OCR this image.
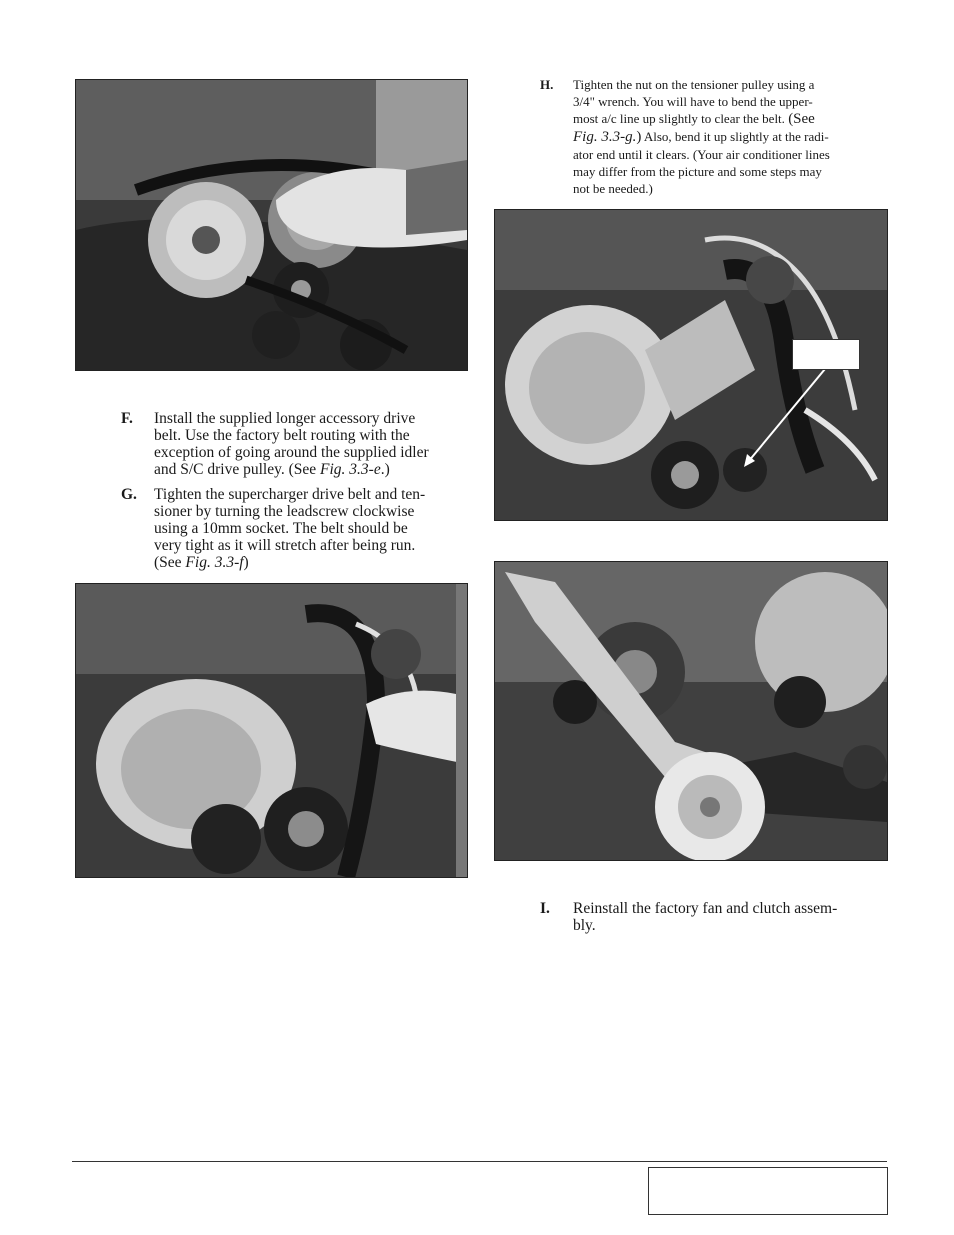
F. Install the supplied longer accessory drive
belt. Use the factory belt routing with the
exception of going around the supplied idler
and S/C drive pulley. (See Fig. 3.3-e.)
G. Tighten the supercharger drive belt and ten-
sioner by turning the leadscrew clockwise
using a 10mm socket. The belt should be
very tight as it will stretch after being run.
(See Fig. 3.3-f)
H. Tighten the nut on the tensioner pulley using a
3/4" wrench. You will have to bend the upper-
most a/c line up slightly to clear the belt. (See
Fig. 3.3-g.) Also, bend it up slightly at the radi-
ator end until it clears. (Your air conditioner lines
may differ from the picture and some steps may
not be needed.)
I. Reinstall the factory fan and clutch assem-
bly.
